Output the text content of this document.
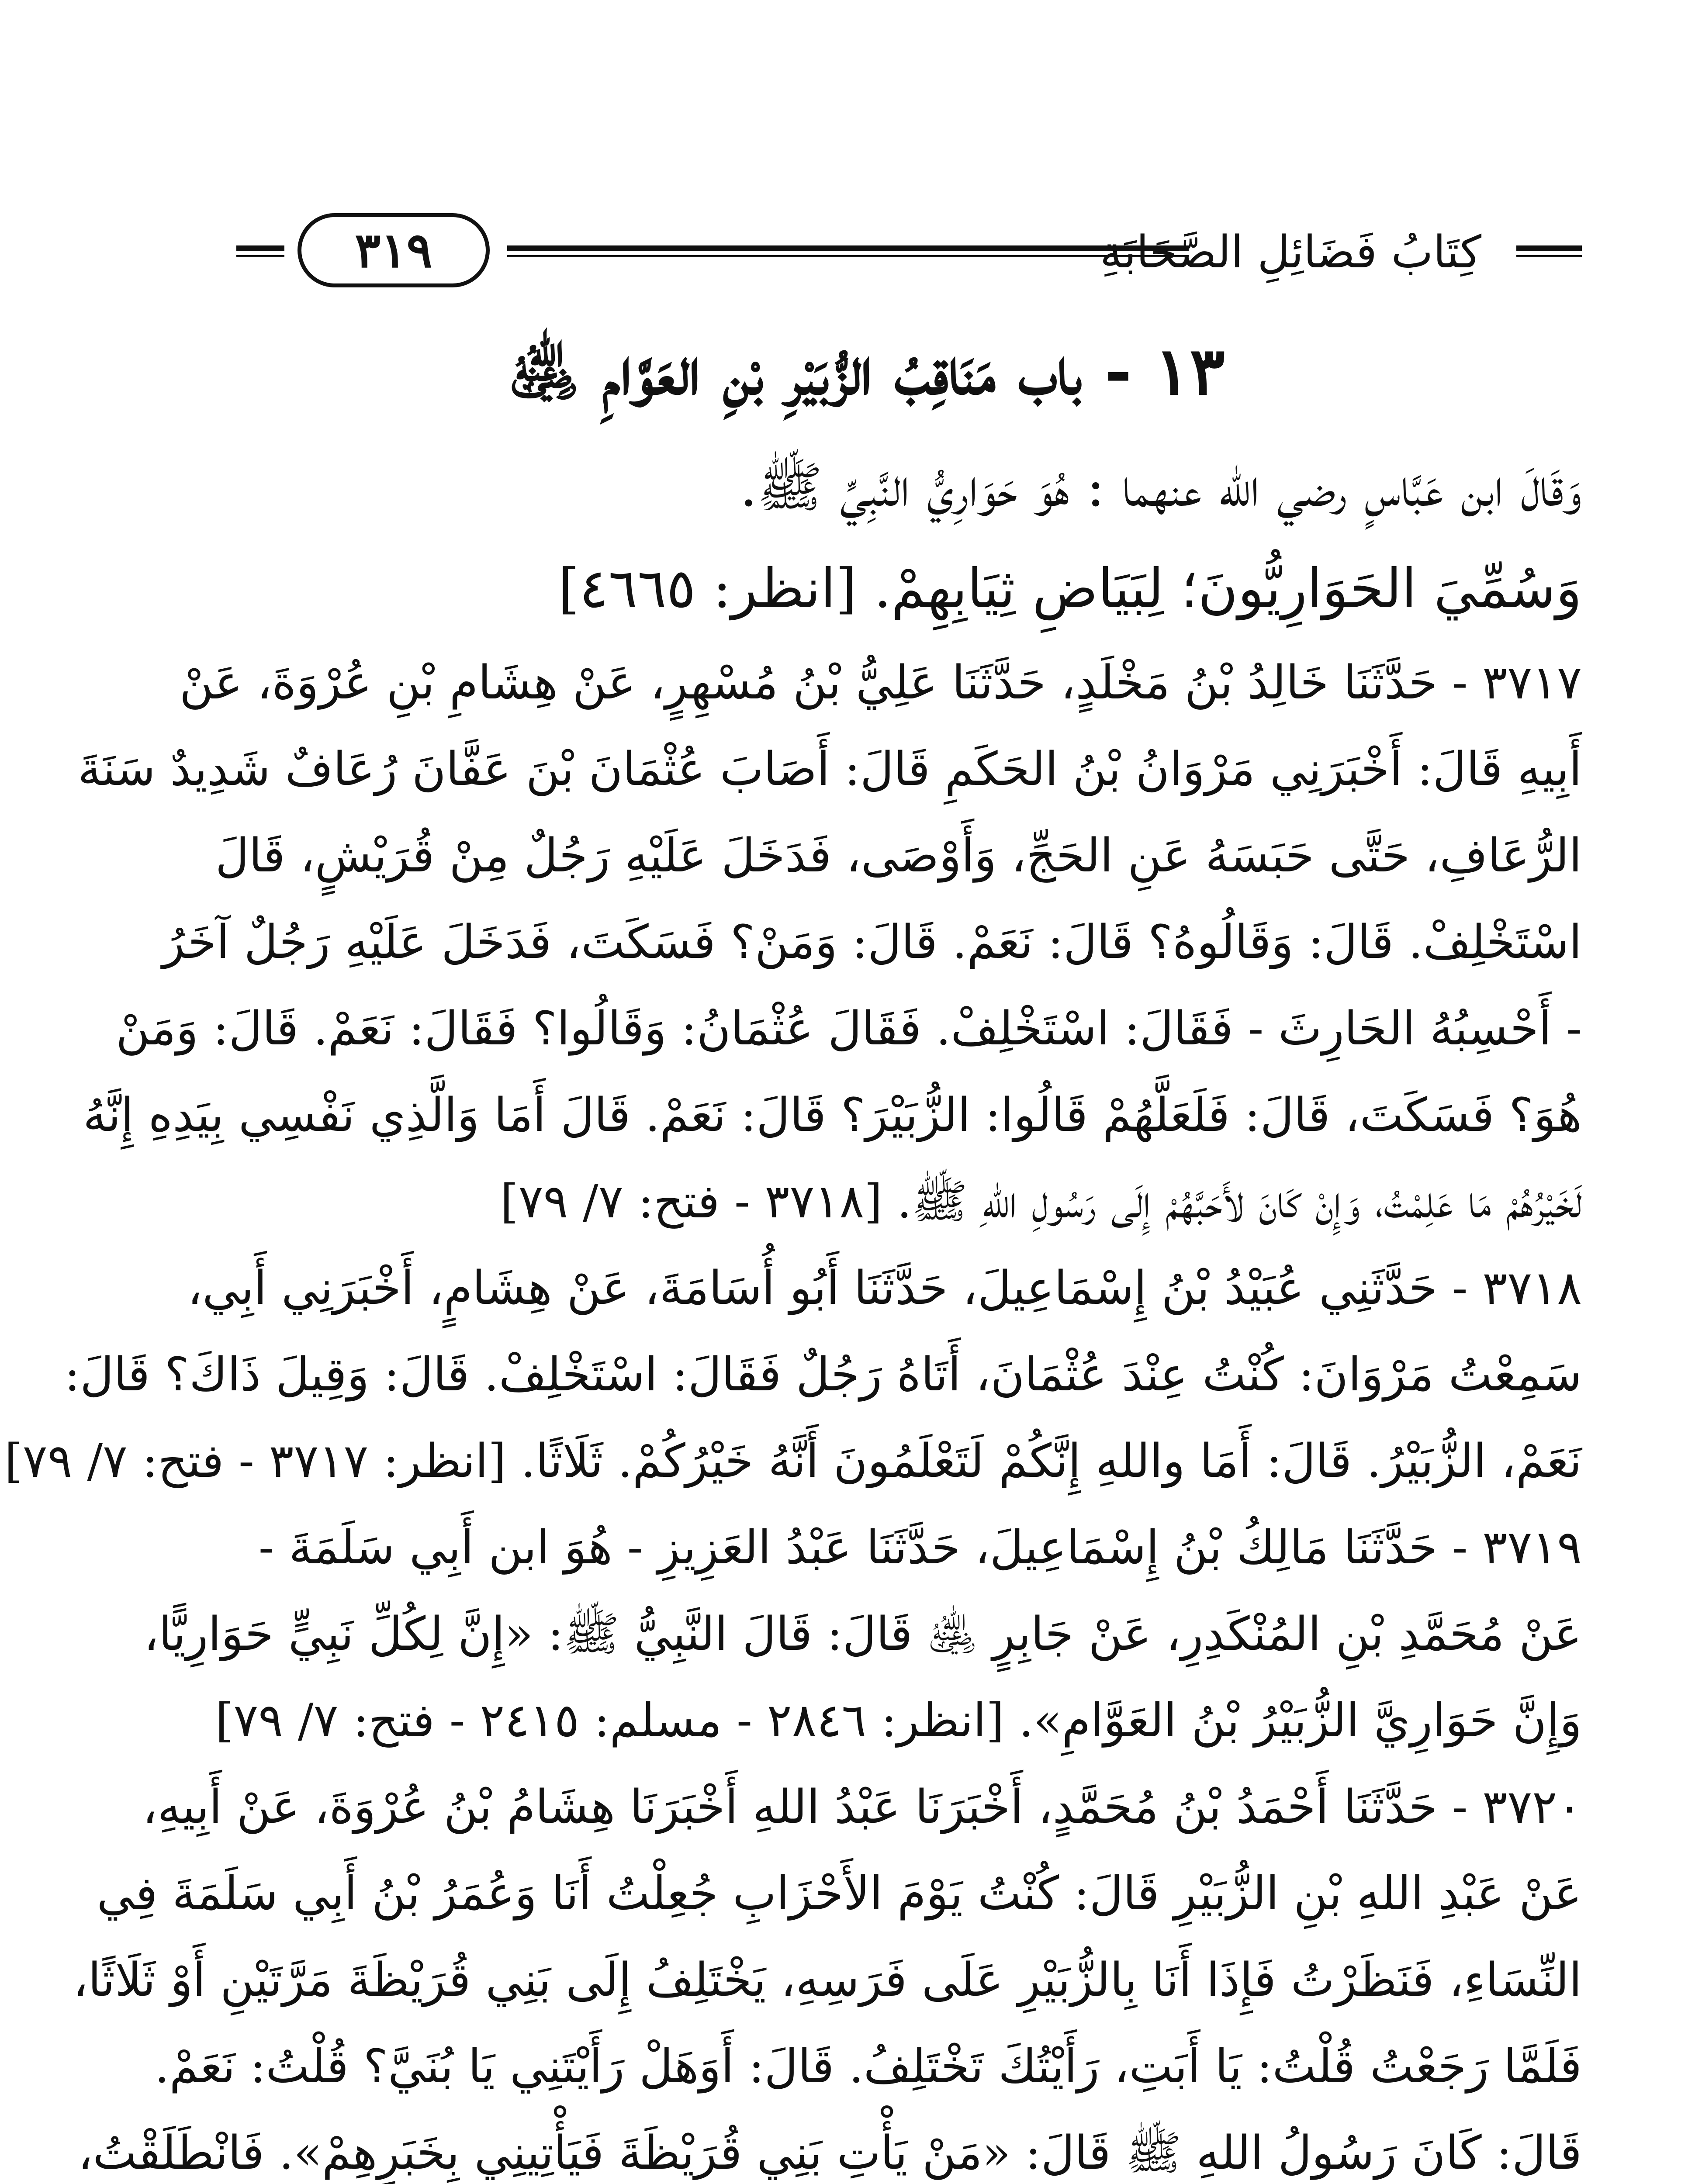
كِتَابُ فَضَائِلِ الصَّحَابَةِ
٣١٩
١٣ - باب مَنَاقِبُ الزُّبَيْرِ بْنِ العَوَّامِ ﵁
وَقَالَ ابن عَبَّاسٍ رضي الله عنهما : هُوَ حَوَارِيُّ النَّبِيِّ ﷺ.
وَسُمِّيَ الحَوَارِيُّونَ؛ لِبَيَاضِ ثِيَابِهِمْ. [انظر: ٤٦٦٥]
٣٧١٧ - حَدَّثَنَا خَالِدُ بْنُ مَخْلَدٍ، حَدَّثَنَا عَلِيُّ بْنُ مُسْهِرٍ، عَنْ هِشَامِ بْنِ عُرْوَةَ، عَنْ
أَبِيهِ قَالَ: أَخْبَرَنِي مَرْوَانُ بْنُ الحَكَمِ قَالَ: أَصَابَ عُثْمَانَ بْنَ عَفَّانَ رُعَافٌ شَدِيدٌ سَنَةَ
الرُّعَافِ، حَتَّى حَبَسَهُ عَنِ الحَجِّ، وَأَوْصَى، فَدَخَلَ عَلَيْهِ رَجُلٌ مِنْ قُرَيْشٍ، قَالَ
اسْتَخْلِفْ. قَالَ: وَقَالُوهُ؟ قَالَ: نَعَمْ. قَالَ: وَمَنْ؟ فَسَكَتَ، فَدَخَلَ عَلَيْهِ رَجُلٌ آخَرُ
- أَحْسِبُهُ الحَارِثَ - فَقَالَ: اسْتَخْلِفْ. فَقَالَ عُثْمَانُ: وَقَالُوا؟ فَقَالَ: نَعَمْ. قَالَ: وَمَنْ
هُوَ؟ فَسَكَتَ، قَالَ: فَلَعَلَّهُمْ قَالُوا: الزُّبَيْرَ؟ قَالَ: نَعَمْ. قَالَ أَمَا وَالَّذِي نَفْسِي بِيَدِهِ إِنَّهُ
لَخَيْرُهُمْ مَا عَلِمْتُ، وَإِنْ كَانَ لأَحَبَّهُمْ إِلَى رَسُولِ اللهِ ﷺ. [٣٧١٨ - فتح: ٧/ ٧٩]
٣٧١٨ - حَدَّثَنِي عُبَيْدُ بْنُ إِسْمَاعِيلَ، حَدَّثَنَا أَبُو أُسَامَةَ، عَنْ هِشَامٍ، أَخْبَرَنِي أَبِي،
سَمِعْتُ مَرْوَانَ: كُنْتُ عِنْدَ عُثْمَانَ، أَتَاهُ رَجُلٌ فَقَالَ: اسْتَخْلِفْ. قَالَ: وَقِيلَ ذَاكَ؟ قَالَ:
نَعَمْ، الزُّبَيْرُ. قَالَ: أَمَا واللهِ إِنَّكُمْ لَتَعْلَمُونَ أَنَّهُ خَيْرُكُمْ. ثَلَاثًا. [انظر: ٣٧١٧ - فتح: ٧/ ٧٩]
٣٧١٩ - حَدَّثَنَا مَالِكُ بْنُ إِسْمَاعِيلَ، حَدَّثَنَا عَبْدُ العَزِيزِ - هُوَ ابن أَبِي سَلَمَةَ -
عَنْ مُحَمَّدِ بْنِ المُنْكَدِرِ، عَنْ جَابِرٍ ﵁ قَالَ: قَالَ النَّبِيُّ ﷺ: «إِنَّ لِكُلِّ نَبِيٍّ حَوَارِيًّا،
وَإِنَّ حَوَارِيَّ الزُّبَيْرُ بْنُ العَوَّامِ». [انظر: ٢٨٤٦ - مسلم: ٢٤١٥ - فتح: ٧/ ٧٩]
٣٧٢٠ - حَدَّثَنَا أَحْمَدُ بْنُ مُحَمَّدٍ، أَخْبَرَنَا عَبْدُ اللهِ أَخْبَرَنَا هِشَامُ بْنُ عُرْوَةَ، عَنْ أَبِيهِ،
عَنْ عَبْدِ اللهِ بْنِ الزُّبَيْرِ قَالَ: كُنْتُ يَوْمَ الأَحْزَابِ جُعِلْتُ أَنَا وَعُمَرُ بْنُ أَبِي سَلَمَةَ فِي
النِّسَاءِ، فَنَظَرْتُ فَإِذَا أَنَا بِالزُّبَيْرِ عَلَى فَرَسِهِ، يَخْتَلِفُ إِلَى بَنِي قُرَيْظَةَ مَرَّتَيْنِ أَوْ ثَلَاثًا،
فَلَمَّا رَجَعْتُ قُلْتُ: يَا أَبَتِ، رَأَيْتُكَ تَخْتَلِفُ. قَالَ: أَوَهَلْ رَأَيْتَنِي يَا بُنَيَّ؟ قُلْتُ: نَعَمْ.
قَالَ: كَانَ رَسُولُ اللهِ ﷺ قَالَ: «مَنْ يَأْتِ بَنِي قُرَيْظَةَ فَيَأْتِينِي بِخَبَرِهِمْ». فَانْطَلَقْتُ،
